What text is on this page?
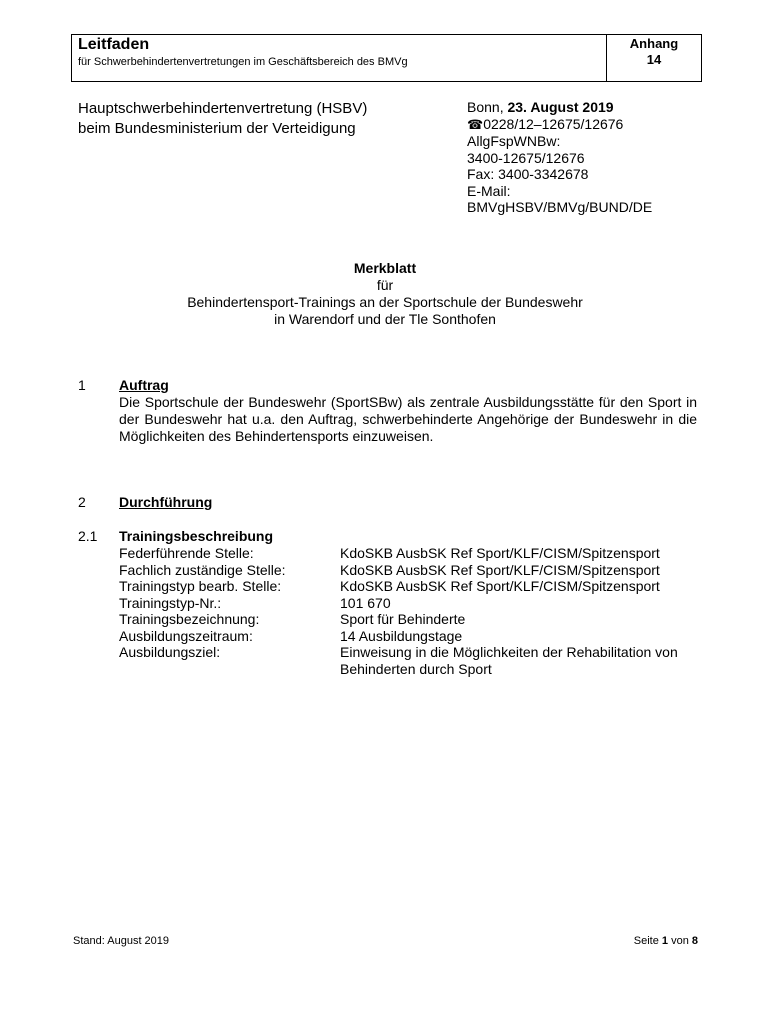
Leitfaden
für Schwerbehindertenvertretungen im Geschäftsbereich des BMVg
Anhang
14
Hauptschwerbehindertenvertretung (HSBV)
beim Bundesministerium der Verteidigung
Bonn, 23. August 2019
☎0228/12–12675/12676
AllgFspWNBw:
3400-12675/12676
Fax: 3400-3342678
E-Mail:
BMVgHSBV/BMVg/BUND/DE
Merkblatt
für
Behindertensport-Trainings an der Sportschule der Bundeswehr
in Warendorf und der Tle Sonthofen
1 Auftrag
Die Sportschule der Bundeswehr (SportSBw) als zentrale Ausbildungsstätte für den Sport in der Bundeswehr hat u.a. den Auftrag, schwerbehinderte Angehörige der Bundeswehr in die Möglichkeiten des Behindertensports einzuweisen.
2 Durchführung
2.1 Trainingsbeschreibung
Federführende Stelle:	KdoSKB AusbSK Ref Sport/KLF/CISM/Spitzensport
Fachlich zuständige Stelle:	KdoSKB AusbSK Ref Sport/KLF/CISM/Spitzensport
Trainingstyp bearb. Stelle:	KdoSKB AusbSK Ref Sport/KLF/CISM/Spitzensport
Trainingstyp-Nr.:	101 670
Trainingsbezeichnung:	Sport für Behinderte
Ausbildungszeitraum:	14 Ausbildungstage
Ausbildungsziel:	Einweisung in die Möglichkeiten der Rehabilitation von Behinderten durch Sport
Stand: August 2019	Seite 1 von 8
